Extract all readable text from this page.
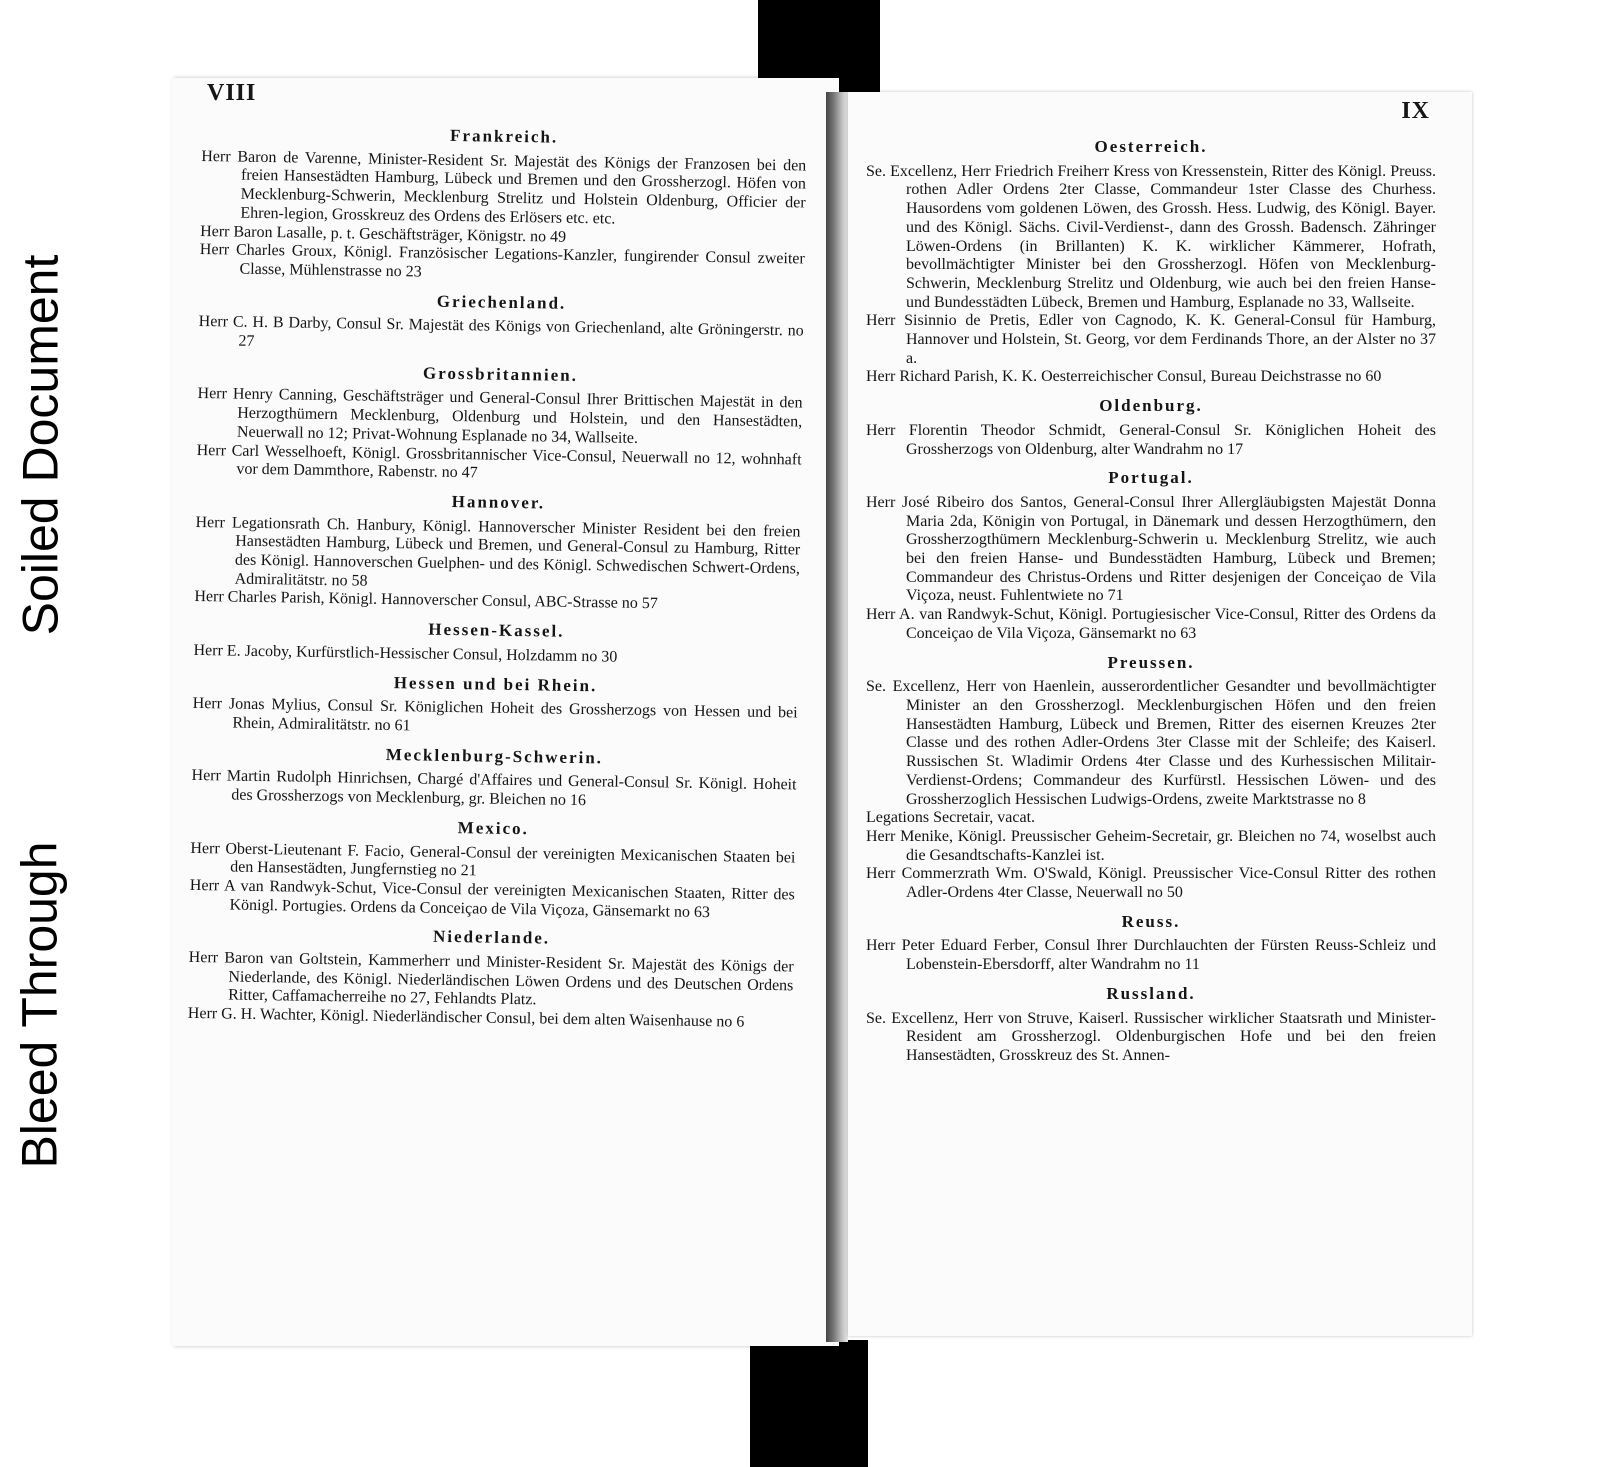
Soiled Document
Bleed Through
VIII
Frankreich.

Herr Baron de Varenne, Minister-Resident Sr. Majestät des Königs der Franzosen bei den freien Hansestädten Hamburg, Lübeck und Bremen und den Grossherzogl. Höfen von Mecklenburg-Schwerin, Mecklenburg Strelitz und Holstein Oldenburg, Officier der Ehren-legion, Grosskreuz des Ordens des Erlösers etc. etc.

Herr Baron Lasalle, p. t. Geschäftsträger, Königstr. no 49

Herr Charles Groux, Königl. Französischer Legations-Kanzler, fungirender Consul zweiter Classe, Mühlenstrasse no 23

Griechenland.

Herr C. H. B Darby, Consul Sr. Majestät des Königs von Griechenland, alte Gröningerstr. no 27

Grossbritannien.

Herr Henry Canning, Geschäftsträger und General-Consul Ihrer Brittischen Majestät in den Herzogthümern Mecklenburg, Oldenburg und Holstein, und den Hansestädten, Neuerwall no 12; Privat-Wohnung Esplanade no 34, Wallseite.

Herr Carl Wesselhoeft, Königl. Grossbritannischer Vice-Consul, Neuerwall no 12, wohnhaft vor dem Dammthore, Rabenstr. no 47

Hannover.

Herr Legationsrath Ch. Hanbury, Königl. Hannoverscher Minister Resident bei den freien Hansestädten Hamburg, Lübeck und Bremen, und General-Consul zu Hamburg, Ritter des Königl. Hannoverschen Guelphen- und des Königl. Schwedischen Schwert-Ordens, Admiralitätstr. no 58

Herr Charles Parish, Königl. Hannoverscher Consul, ABC-Strasse no 57

Hessen-Kassel.

Herr E. Jacoby, Kurfürstlich-Hessischer Consul, Holzdamm no 30

Hessen und bei Rhein.

Herr Jonas Mylius, Consul Sr. Königlichen Hoheit des Grossherzogs von Hessen und bei Rhein, Admiralitätstr. no 61

Mecklenburg-Schwerin.

Herr Martin Rudolph Hinrichsen, Chargé d'Affaires und General-Consul Sr. Königl. Hoheit des Grossherzogs von Mecklenburg, gr. Bleichen no 16

Mexico.

Herr Oberst-Lieutenant F. Facio, General-Consul der vereinigten Mexicanischen Staaten bei den Hansestädten, Jungfernstieg no 21

Herr A van Randwyk-Schut, Vice-Consul der vereinigten Mexicanischen Staaten, Ritter des Königl. Portugies. Ordens da Conceiçao de Vila Viçoza, Gänsemarkt no 63

Niederlande.

Herr Baron van Goltstein, Kammerherr und Minister-Resident Sr. Majestät des Königs der Niederlande, des Königl. Niederländischen Löwen Ordens und des Deutschen Ordens Ritter, Caffamacherreihe no 27, Fehlandts Platz.

Herr G. H. Wachter, Königl. Niederländischer Consul, bei dem alten Waisenhause no 6

IX
Oesterreich.

Se. Excellenz, Herr Friedrich Freiherr Kress von Kressenstein, Ritter des Königl. Preuss. rothen Adler Ordens 2ter Classe, Commandeur 1ster Classe des Churhess. Hausordens vom goldenen Löwen, des Grossh. Hess. Ludwig, des Königl. Bayer. und des Königl. Sächs. Civil-Verdienst-, dann des Grossh. Badensch. Zähringer Löwen-Ordens (in Brillanten) K. K. wirklicher Kämmerer, Hofrath, bevollmächtigter Minister bei den Grossherzogl. Höfen von Mecklenburg-Schwerin, Mecklenburg Strelitz und Oldenburg, wie auch bei den freien Hanse- und Bundesstädten Lübeck, Bremen und Hamburg, Esplanade no 33, Wallseite.

Herr Sisinnio de Pretis, Edler von Cagnodo, K. K. General-Consul für Hamburg, Hannover und Holstein, St. Georg, vor dem Ferdinands Thore, an der Alster no 37 a.

Herr Richard Parish, K. K. Oesterreichischer Consul, Bureau Deichstrasse no 60

Oldenburg.

Herr Florentin Theodor Schmidt, General-Consul Sr. Königlichen Hoheit des Grossherzogs von Oldenburg, alter Wandrahm no 17

Portugal.

Herr José Ribeiro dos Santos, General-Consul Ihrer Allergläubigsten Majestät Donna Maria 2da, Königin von Portugal, in Dänemark und dessen Herzogthümern, den Grossherzogthümern Mecklenburg-Schwerin u. Mecklenburg Strelitz, wie auch bei den freien Hanse- und Bundesstädten Hamburg, Lübeck und Bremen; Commandeur des Christus-Ordens und Ritter desjenigen der Conceiçao de Vila Viçoza, neust. Fuhlentwiete no 71

Herr A. van Randwyk-Schut, Königl. Portugiesischer Vice-Consul, Ritter des Ordens da Conceiçao de Vila Viçoza, Gänsemarkt no 63

Preussen.

Se. Excellenz, Herr von Haenlein, ausserordentlicher Gesandter und bevollmächtigter Minister an den Grossherzogl. Mecklenburgischen Höfen und den freien Hansestädten Hamburg, Lübeck und Bremen, Ritter des eisernen Kreuzes 2ter Classe und des rothen Adler-Ordens 3ter Classe mit der Schleife; des Kaiserl. Russischen St. Wladimir Ordens 4ter Classe und des Kurhessischen Militair-Verdienst-Ordens; Commandeur des Kurfürstl. Hessischen Löwen- und des Grossherzoglich Hessischen Ludwigs-Ordens, zweite Marktstrasse no 8

Legations Secretair, vacat.

Herr Menike, Königl. Preussischer Geheim-Secretair, gr. Bleichen no 74, woselbst auch die Gesandtschafts-Kanzlei ist.

Herr Commerzrath Wm. O'Swald, Königl. Preussischer Vice-Consul Ritter des rothen Adler-Ordens 4ter Classe, Neuerwall no 50

Reuss.

Herr Peter Eduard Ferber, Consul Ihrer Durchlauchten der Fürsten Reuss-Schleiz und Lobenstein-Ebersdorff, alter Wandrahm no 11

Russland.

Se. Excellenz, Herr von Struve, Kaiserl. Russischer wirklicher Staatsrath und Minister-Resident am Grossherzogl. Oldenburgischen Hofe und bei den freien Hansestädten, Grosskreuz des St. Annen-
